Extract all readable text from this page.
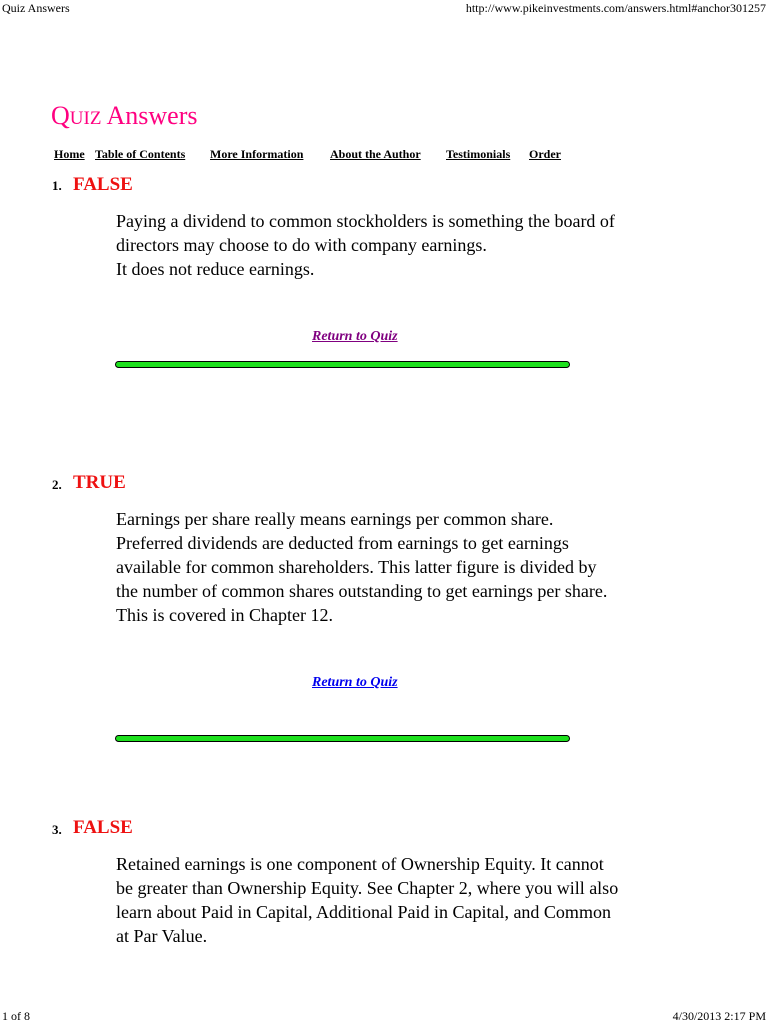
Quiz Answers	http://www.pikeinvestments.com/answers.html#anchor301257
QUIZ Answers
Home Table of Contents More Information About the Author Testimonials Order
1. FALSE

Paying a dividend to common stockholders is something the board of
directors may choose to do with company earnings.
It does not reduce earnings.

Return to Quiz
2. TRUE

Earnings per share really means earnings per common share.
Preferred dividends are deducted from earnings to get earnings
available for common shareholders. This latter figure is divided by
the number of common shares outstanding to get earnings per share.
This is covered in Chapter 12.

Return to Quiz
3. FALSE

Retained earnings is one component of Ownership Equity. It cannot
be greater than Ownership Equity. See Chapter 2, where you will also
learn about Paid in Capital, Additional Paid in Capital, and Common
at Par Value.

1 of 8	4/30/2013 2:17 PM
